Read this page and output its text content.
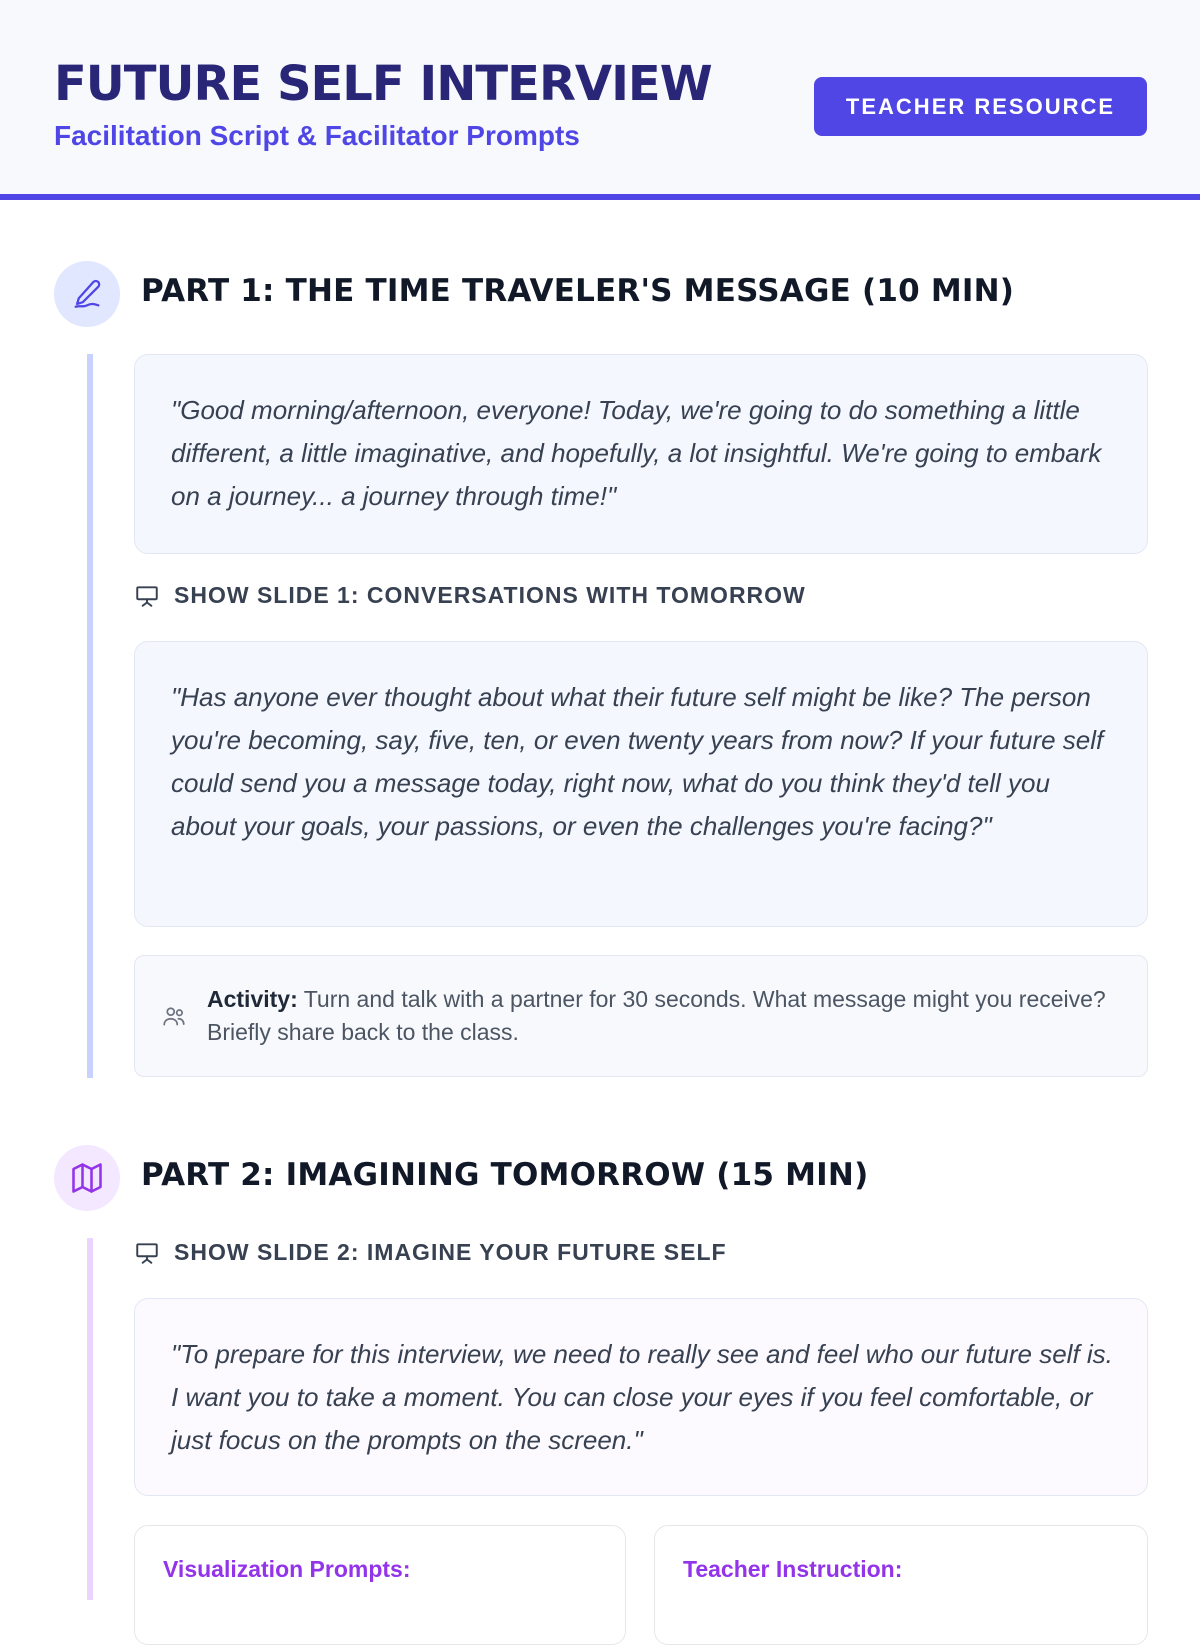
FUTURE SELF INTERVIEW
Facilitation Script & Facilitator Prompts
TEACHER RESOURCE
PART 1: THE TIME TRAVELER'S MESSAGE (10 MIN)
"Good morning/afternoon, everyone! Today, we're going to do something a little different, a little imaginative, and hopefully, a lot insightful. We're going to embark on a journey... a journey through time!"
SHOW SLIDE 1: CONVERSATIONS WITH TOMORROW
"Has anyone ever thought about what their future self might be like? The person you're becoming, say, five, ten, or even twenty years from now? If your future self could send you a message today, right now, what do you think they'd tell you about your goals, your passions, or even the challenges you're facing?"
Activity: Turn and talk with a partner for 30 seconds. What message might you receive? Briefly share back to the class.
PART 2: IMAGINING TOMORROW (15 MIN)
SHOW SLIDE 2: IMAGINE YOUR FUTURE SELF
"To prepare for this interview, we need to really see and feel who our future self is. I want you to take a moment. You can close your eyes if you feel comfortable, or just focus on the prompts on the screen."
Visualization Prompts:	Teacher Instruction:
